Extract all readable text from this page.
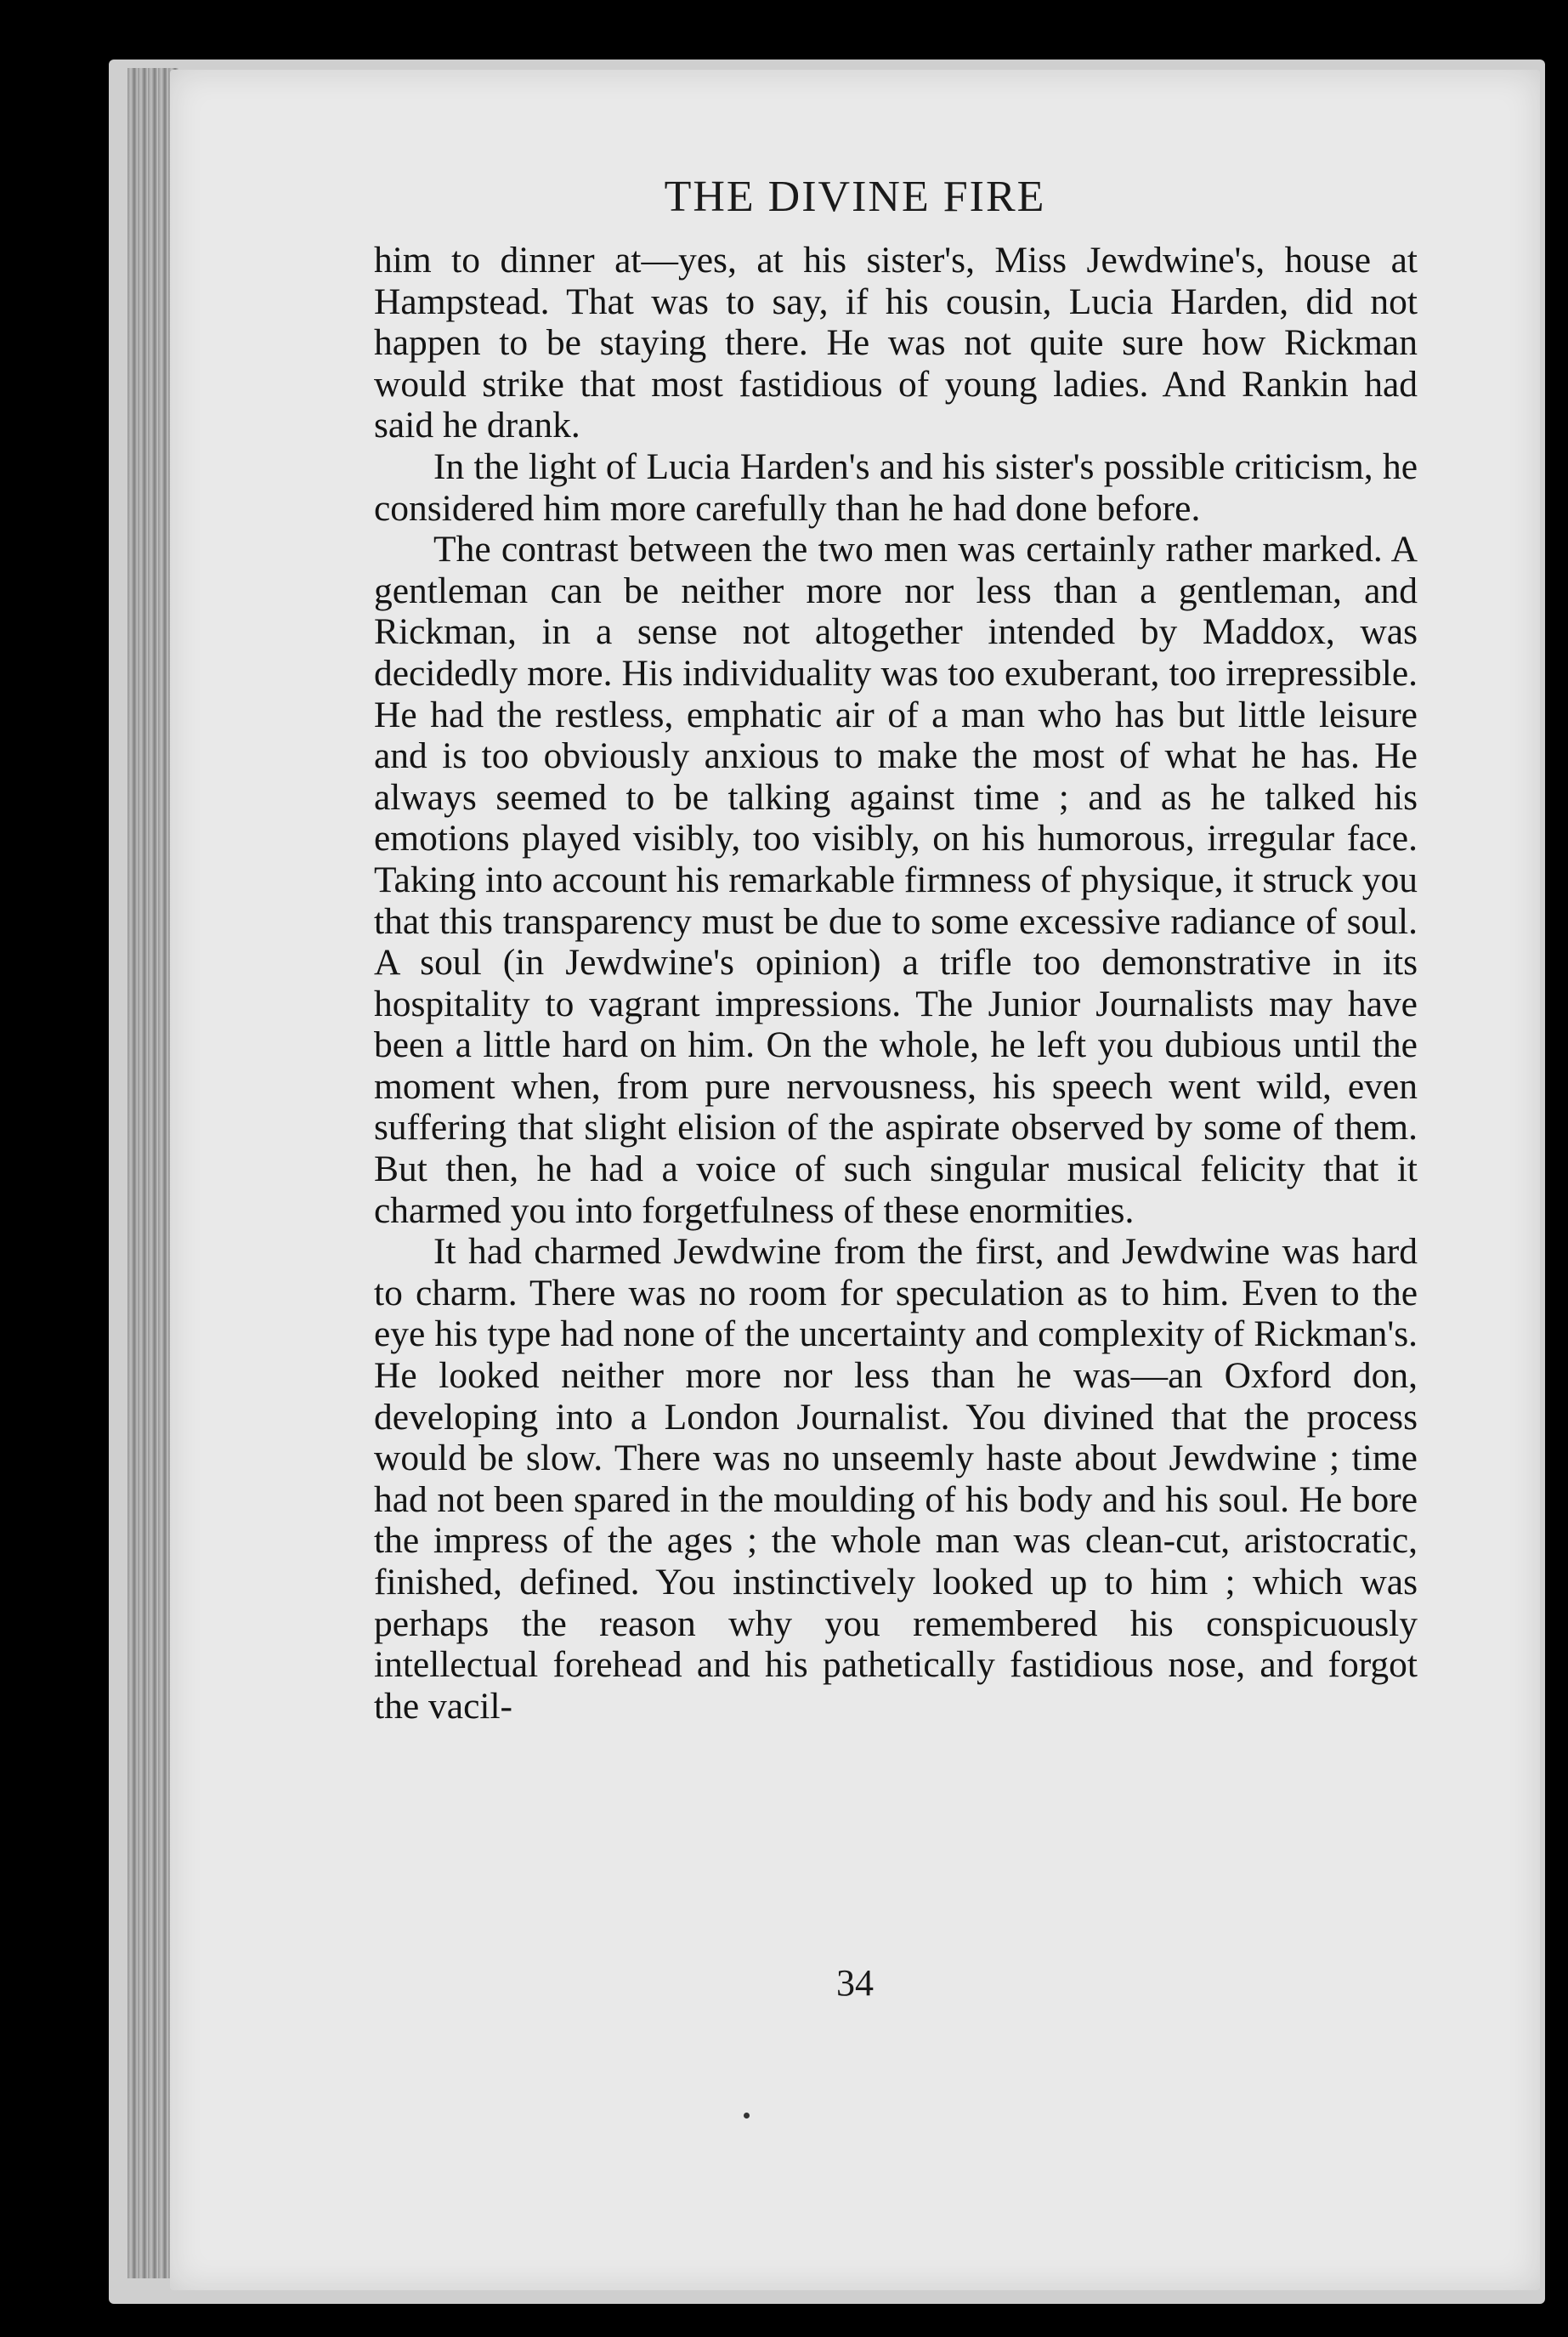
THE DIVINE FIRE

him to dinner at—yes, at his sister's, Miss Jewdwine's, house at Hampstead. That was to say, if his cousin, Lucia Harden, did not happen to be staying there. He was not quite sure how Rickman would strike that most fastidious of young ladies. And Rankin had said he drank.

In the light of Lucia Harden's and his sister's possible criticism, he considered him more carefully than he had done before.

The contrast between the two men was certainly rather marked. A gentleman can be neither more nor less than a gentleman, and Rickman, in a sense not altogether intended by Maddox, was decidedly more. His individuality was too exuberant, too irrepressible. He had the restless, emphatic air of a man who has but little leisure and is too obviously anxious to make the most of what he has. He always seemed to be talking against time ; and as he talked his emotions played visibly, too visibly, on his humorous, irregular face. Taking into account his remarkable firmness of physique, it struck you that this transparency must be due to some excessive radiance of soul. A soul (in Jewdwine's opinion) a trifle too demonstrative in its hospitality to vagrant impressions. The Junior Journalists may have been a little hard on him. On the whole, he left you dubious until the moment when, from pure nervousness, his speech went wild, even suffering that slight elision of the aspirate observed by some of them. But then, he had a voice of such singular musical felicity that it charmed you into forgetfulness of these enormities.

It had charmed Jewdwine from the first, and Jewdwine was hard to charm. There was no room for speculation as to him. Even to the eye his type had none of the uncertainty and complexity of Rickman's. He looked neither more nor less than he was—an Oxford don, developing into a London Journalist. You divined that the process would be slow. There was no unseemly haste about Jewdwine ; time had not been spared in the moulding of his body and his soul. He bore the impress of the ages ; the whole man was clean-cut, aristocratic, finished, defined. You instinctively looked up to him ; which was perhaps the reason why you remembered his conspicuously intellectual forehead and his pathetically fastidious nose, and forgot the vacil-

34
